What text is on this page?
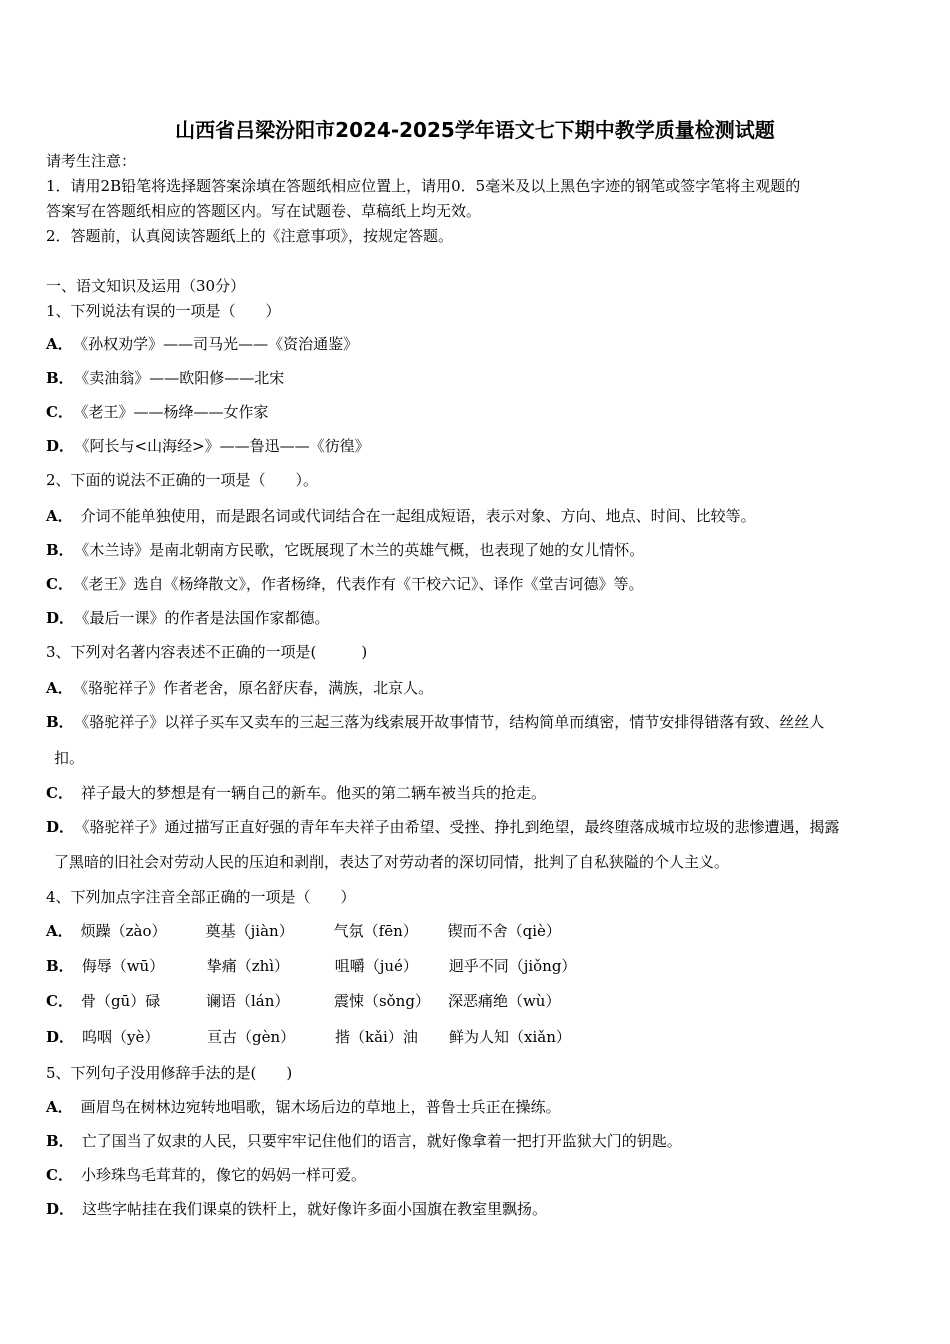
山西省吕梁汾阳市2024-2025学年语文七下期中教学质量检测试题
请考生注意：
1．请用2B铅笔将选择题答案涂填在答题纸相应位置上，请用0．5毫米及以上黑色字迹的钢笔或签字笔将主观题的
答案写在答题纸相应的答题区内。写在试题卷、草稿纸上均无效。
2．答题前，认真阅读答题纸上的《注意事项》，按规定答题。
一、语文知识及运用（30分）
1、下列说法有误的一项是（　　）
A． 《孙权劝学》——司马光——《资治通鉴》
B． 《卖油翁》——欧阳修——北宋
C． 《老王》——杨绛——女作家
D． 《阿长与<山海经>》——鲁迅——《彷徨》
2、下面的说法不正确的一项是（　　）。
A． 介词不能单独使用，而是跟名词或代词结合在一起组成短语，表示对象、方向、地点、时间、比较等。
B． 《木兰诗》是南北朝南方民歌，它既展现了木兰的英雄气概，也表现了她的女儿情怀。
C． 《老王》选自《杨绛散文》，作者杨绛，代表作有《干校六记》、译作《堂吉诃德》等。
D． 《最后一课》的作者是法国作家都德。
3、下列对名著内容表述不正确的一项是(　　　)
A． 《骆驼祥子》作者老舍，原名舒庆春，满族，北京人。
B． 《骆驼祥子》以祥子买车又卖车的三起三落为线索展开故事情节，结构简单而缜密，情节安排得错落有致、丝丝人
扣。
C． 祥子最大的梦想是有一辆自己的新车。他买的第二辆车被当兵的抢走。
D． 《骆驼祥子》通过描写正直好强的青年车夫祥子由希望、受挫、挣扎到绝望，最终堕落成城市垃圾的悲惨遭遇，揭露
了黑暗的旧社会对劳动人民的压迫和剥削，表达了对劳动者的深切同情，批判了自私狭隘的个人主义。
4、下列加点字注音全部正确的一项是（　　）
A． 烦躁（zào）	奠基（jiàn）	气氛（fēn） 锲而不舍（qiè）
B． 侮辱（wū）	挚痛（zhì）	咀嚼（jué） 迥乎不同（jiǒng）
C． 骨（gū）碌	谰语（lán）	震悚（sǒng） 深恶痛绝（wù）
D． 呜咽（yè）	亘古（gèn）	揩（kǎi）油 鲜为人知（xiǎn）
5、下列句子没用修辞手法的是(　　)
A． 画眉鸟在树林边宛转地唱歌，锯木场后边的草地上，普鲁士兵正在操练。
B． 亡了国当了奴隶的人民，只要牢牢记住他们的语言，就好像拿着一把打开监狱大门的钥匙。
C． 小珍珠鸟毛茸茸的，像它的妈妈一样可爱。
D． 这些字帖挂在我们课桌的铁杆上，就好像许多面小国旗在教室里飘扬。
